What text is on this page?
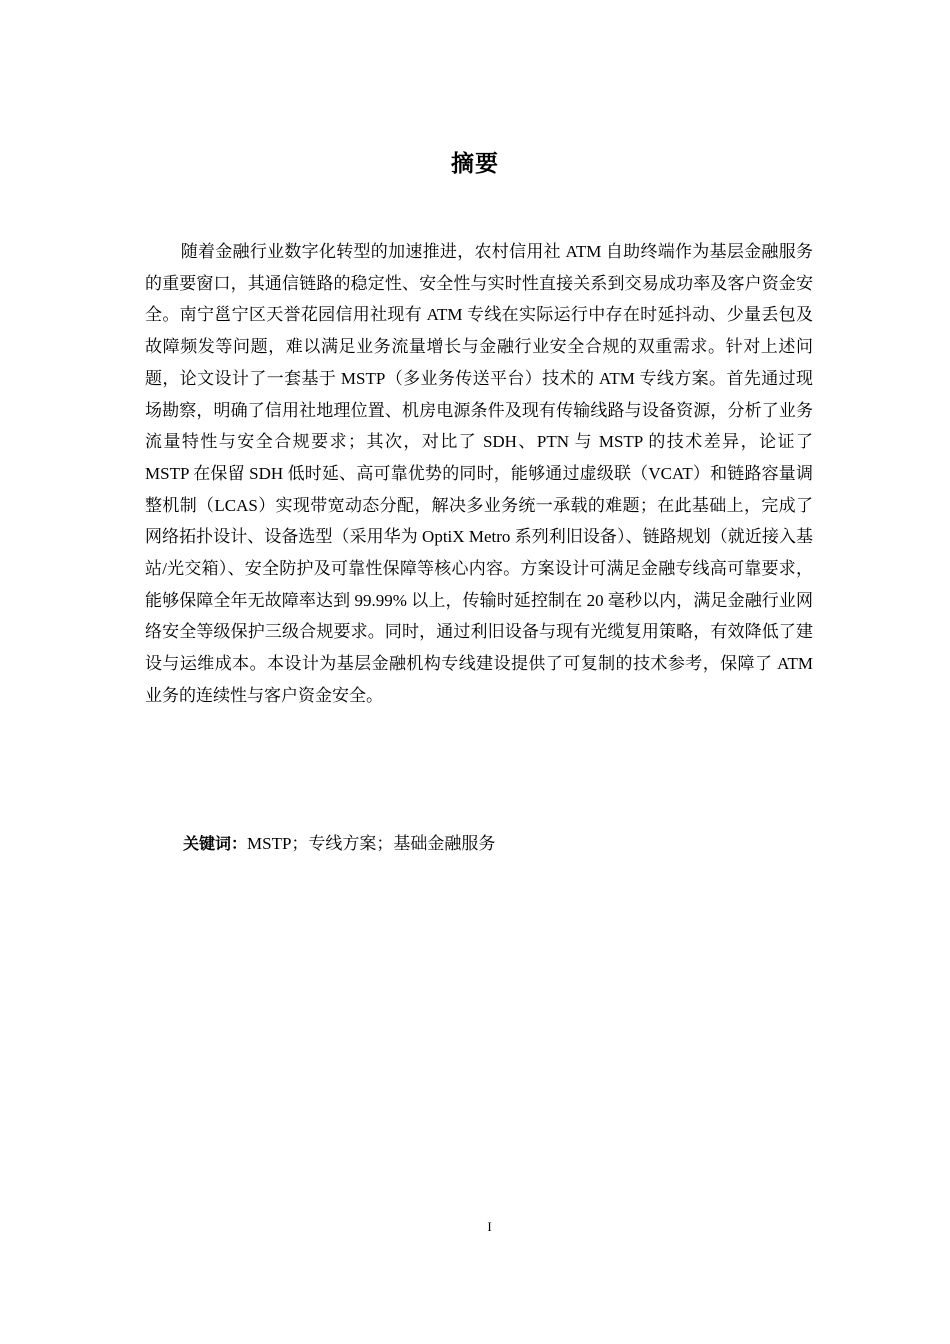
摘要

随着金融行业数字化转型的加速推进，农村信用社 ATM 自助终端作为基层金融服务的重要窗口，其通信链路的稳定性、安全性与实时性直接关系到交易成功率及客户资金安全。南宁邕宁区天誉花园信用社现有 ATM 专线在实际运行中存在时延抖动、少量丢包及故障频发等问题，难以满足业务流量增长与金融行业安全合规的双重需求。针对上述问题，论文设计了一套基于 MSTP（多业务传送平台）技术的 ATM 专线方案。首先通过现场勘察，明确了信用社地理位置、机房电源条件及现有传输线路与设备资源，分析了业务流量特性与安全合规要求；其次，对比了 SDH、PTN 与 MSTP 的技术差异，论证了 MSTP 在保留 SDH 低时延、高可靠优势的同时，能够通过虚级联（VCAT）和链路容量调整机制（LCAS）实现带宽动态分配，解决多业务统一承载的难题；在此基础上，完成了网络拓扑设计、设备选型（采用华为 OptiX Metro 系列利旧设备）、链路规划（就近接入基站/光交箱）、安全防护及可靠性保障等核心内容。方案设计可满足金融专线高可靠要求，能够保障全年无故障率达到 99.99% 以上，传输时延控制在 20 毫秒以内，满足金融行业网络安全等级保护三级合规要求。同时，通过利旧设备与现有光缆复用策略，有效降低了建设与运维成本。本设计为基层金融机构专线建设提供了可复制的技术参考，保障了 ATM 业务的连续性与客户资金安全。

关键词：MSTP；专线方案；基础金融服务
I
